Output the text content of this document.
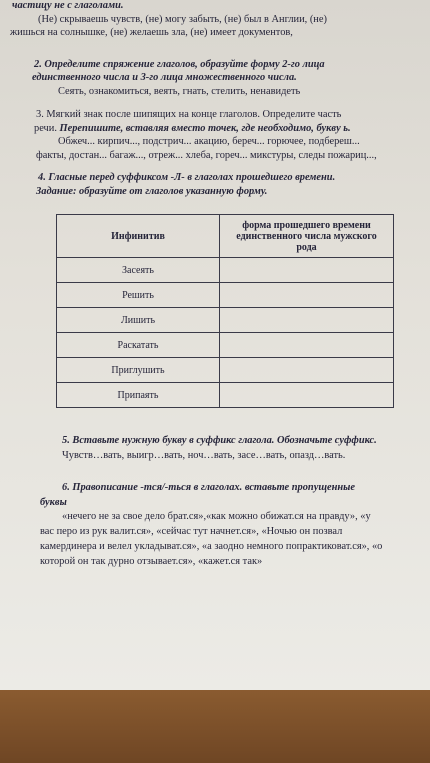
частицу не с глаголами.
(Не) скрываешь чувств, (не) могу забыть, (не) был в Англии, (не)
жишься на солнышке, (не) желаешь зла, (не) имеет документов,
2. Определите спряжение глаголов, образуйте форму 2-го лица
единственного числа и 3-го лица множественного числа.
Сеять, ознакомиться, веять, гнать, стелить, ненавидеть
3. Мягкий знак после шипящих на конце глаголов. Определите часть
речи. Перепишите, вставляя вместо точек, где необходимо, букву ь.
Обжеч... кирпич..., подстрич... акацию, береч... горючее, подбереш...
факты, достан... багаж..., отреж... хлеба, гореч... микстуры, следы пожариц...,
4. Гласные перед суффиксом -Л- в глаголах прошедшего времени.
Задание: образуйте от глаголов указанную форму.
Инфинитив	форма прошедшего времени единственного числа мужского рода
Засеять	
Решить	
Лишить	
Раскатать	
Приглушить	
Припаять	
5. Вставьте нужную букву в суффикс глагола. Обозначьте суффикс.
Чувств…вать, выигр…вать, ноч…вать, засе…вать, опазд…вать.
6. Правописание -тся/-ться в глаголах. вставьте пропущенные
буквы
«нечего не за свое дело брат.ся»,«как можно обижат.ся на правду», «у
вас перо из рук валит.ся», «сейчас тут начнет.ся», «Ночью он позвал
камердинера и велел укладыват.ся», «а заодно немного попрактиковат.ся», «о
которой он так дурно отзывает.ся», «кажет.ся так»
